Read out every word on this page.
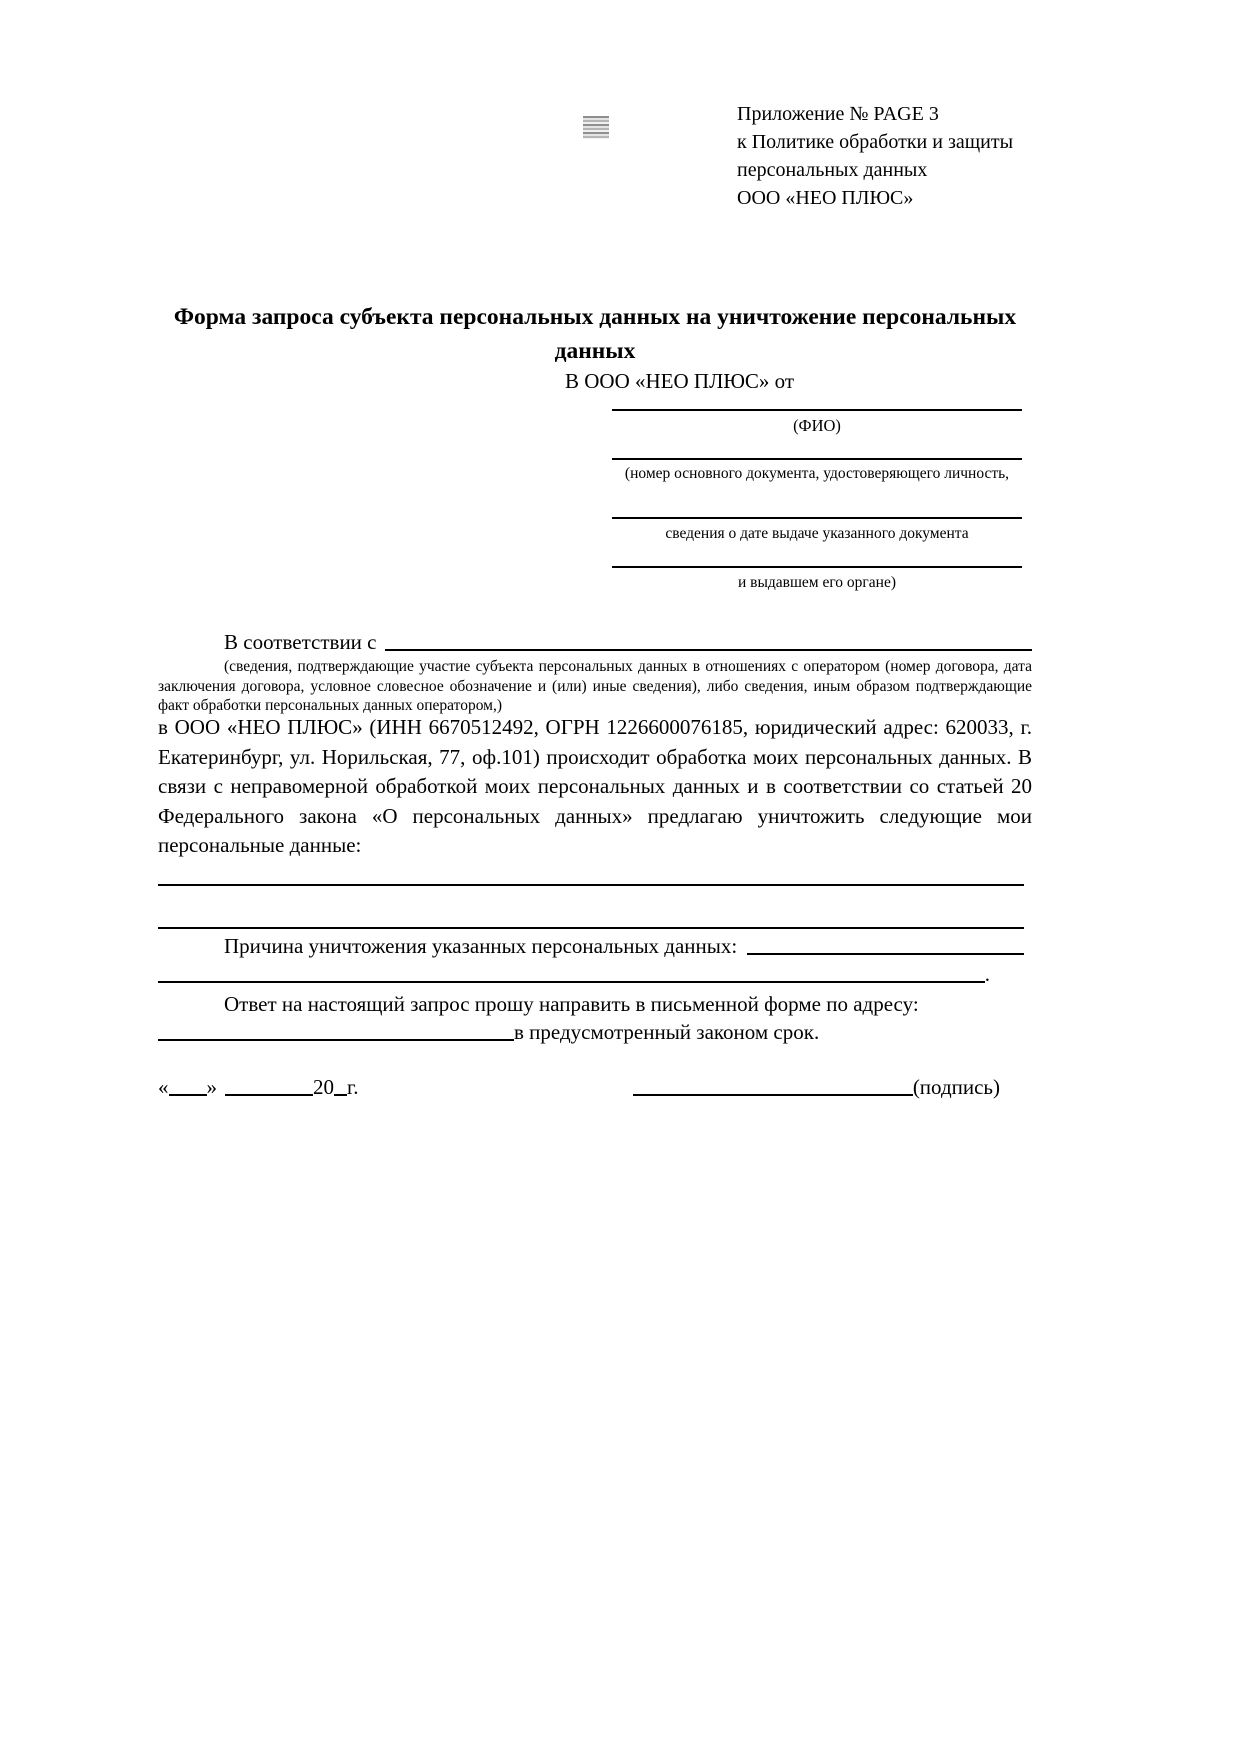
Приложение № PAGE 3
к Политике обработки и защиты
персональных данных
ООО «НЕО ПЛЮС»
Форма запроса субъекта персональных данных на уничтожение персональных данных
В ООО «НЕО ПЛЮС» от
(ФИО)
(номер основного документа, удостоверяющего личность,
сведения о дате выдаче указанного документа
и выдавшем его органе)
В соответствии с
(сведения, подтверждающие участие субъекта персональных данных в отношениях с оператором (номер договора, дата заключения договора, условное словесное обозначение и (или) иные сведения), либо сведения, иным образом подтверждающие факт обработки персональных данных оператором,)
в ООО «НЕО ПЛЮС» (ИНН 6670512492, ОГРН 1226600076185, юридический адрес: 620033, г. Екатеринбург, ул. Норильская, 77, оф.101) происходит обработка моих персональных данных. В связи с неправомерной обработкой моих персональных данных и в соответствии со статьей 20 Федерального закона «О персональных данных» предлагаю уничтожить следующие мои персональные данные:
Причина уничтожения указанных персональных данных:
.
Ответ на настоящий запрос прошу направить в письменной форме по адресу:
в предусмотренный законом срок.
« »	20 г.	(подпись)
